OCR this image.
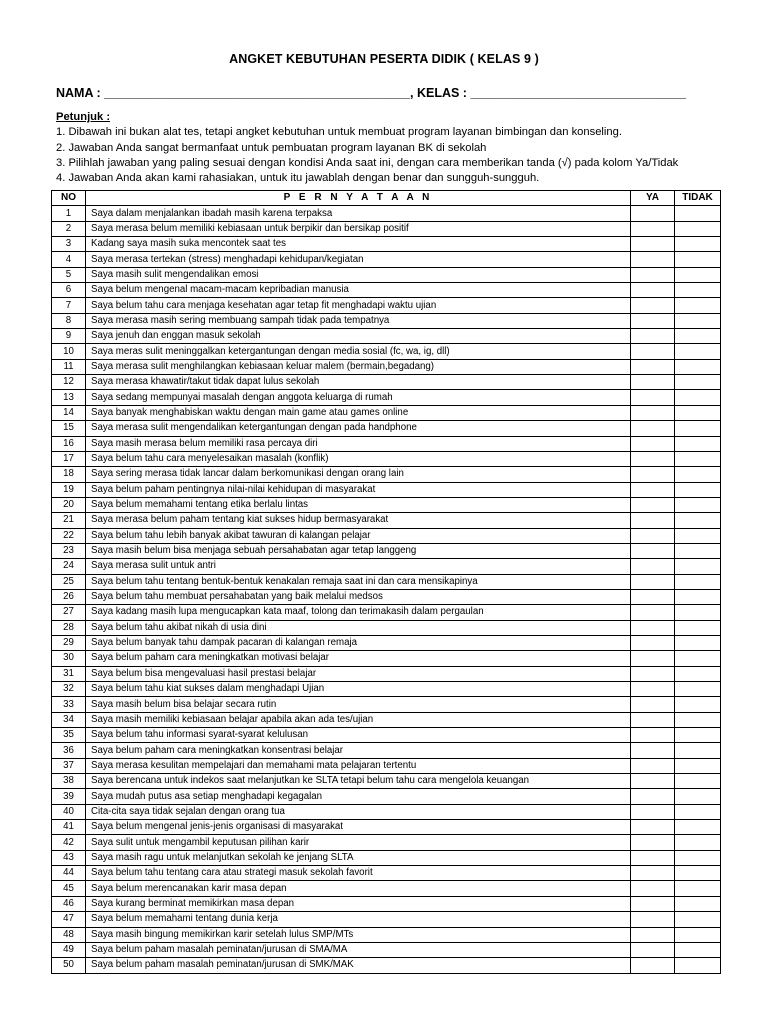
ANGKET KEBUTUHAN PESERTA DIDIK ( KELAS 9 )
NAMA : ____________________________________________, KELAS : _______________________________
Petunjuk :
1. Dibawah ini bukan alat tes, tetapi angket kebutuhan untuk membuat program layanan bimbingan dan konseling.
2. Jawaban Anda sangat bermanfaat untuk pembuatan program layanan BK di sekolah
3. Pilihlah jawaban yang paling sesuai dengan kondisi Anda saat ini, dengan cara memberikan tanda (√) pada kolom Ya/Tidak
4. Jawaban Anda akan kami rahasiakan, untuk itu jawablah dengan benar dan sungguh-sungguh.
NO	P E R N Y A T A A N	YA	TIDAK
1	Saya dalam menjalankan ibadah masih karena terpaksa		
2	Saya merasa belum memiliki kebiasaan untuk berpikir dan bersikap positif		
3	Kadang saya masih suka mencontek saat tes		
4	Saya merasa tertekan (stress) menghadapi kehidupan/kegiatan		
5	Saya masih sulit mengendalikan emosi		
6	Saya belum mengenal macam-macam kepribadian manusia		
7	Saya belum tahu cara menjaga kesehatan agar tetap fit menghadapi waktu ujian		
8	Saya merasa masih sering membuang sampah tidak pada tempatnya		
9	Saya jenuh dan enggan masuk sekolah		
10	Saya meras sulit meninggalkan ketergantungan dengan media sosial (fc, wa, ig, dll)		
11	Saya merasa sulit menghilangkan kebiasaan keluar malem (bermain,begadang)		
12	Saya merasa khawatir/takut tidak dapat lulus sekolah		
13	Saya sedang mempunyai masalah dengan anggota keluarga di rumah		
14	Saya banyak menghabiskan waktu dengan main game atau games online		
15	Saya merasa sulit mengendalikan ketergantungan dengan pada handphone		
16	Saya masih merasa belum memiliki rasa percaya diri		
17	Saya belum tahu cara menyelesaikan masalah (konflik)		
18	Saya sering merasa tidak lancar dalam berkomunikasi dengan orang lain		
19	Saya belum paham pentingnya nilai-nilai kehidupan di masyarakat		
20	Saya belum memahami tentang etika berlalu lintas		
21	Saya merasa belum paham tentang kiat sukses hidup bermasyarakat		
22	Saya belum tahu lebih banyak akibat tawuran di kalangan pelajar		
23	Saya masih belum bisa menjaga sebuah persahabatan agar tetap langgeng		
24	Saya merasa sulit untuk antri		
25	Saya belum tahu tentang bentuk-bentuk kenakalan remaja saat ini dan cara mensikapinya		
26	Saya belum tahu membuat persahabatan yang baik melalui medsos		
27	Saya kadang masih lupa mengucapkan kata maaf, tolong dan terimakasih dalam pergaulan		
28	Saya belum tahu akibat nikah di usia dini		
29	Saya belum banyak tahu dampak pacaran di kalangan remaja		
30	Saya belum paham cara meningkatkan motivasi belajar		
31	Saya belum bisa mengevaluasi hasil prestasi belajar		
32	Saya belum tahu kiat sukses dalam menghadapi Ujian		
33	Saya masih belum bisa belajar secara rutin		
34	Saya masih memiliki kebiasaan belajar apabila akan ada tes/ujian		
35	Saya belum tahu informasi syarat-syarat kelulusan		
36	Saya belum paham cara meningkatkan konsentrasi belajar		
37	Saya merasa kesulitan mempelajari dan memahami mata pelajaran tertentu		
38	Saya berencana untuk indekos saat melanjutkan ke SLTA tetapi belum tahu cara mengelola keuangan		
39	Saya mudah putus asa setiap menghadapi kegagalan		
40	Cita-cita saya tidak sejalan dengan orang tua		
41	Saya belum mengenal jenis-jenis organisasi di masyarakat		
42	Saya sulit untuk mengambil keputusan pilihan karir		
43	Saya masih ragu untuk melanjutkan sekolah ke jenjang SLTA		
44	Saya belum tahu tentang cara atau strategi masuk sekolah favorit		
45	Saya belum merencanakan karir masa depan		
46	Saya kurang berminat memikirkan masa depan		
47	Saya belum memahami tentang dunia kerja		
48	Saya masih bingung memikirkan karir setelah lulus SMP/MTs		
49	Saya belum paham masalah peminatan/jurusan di SMA/MA		
50	Saya belum paham masalah peminatan/jurusan di SMK/MAK		
